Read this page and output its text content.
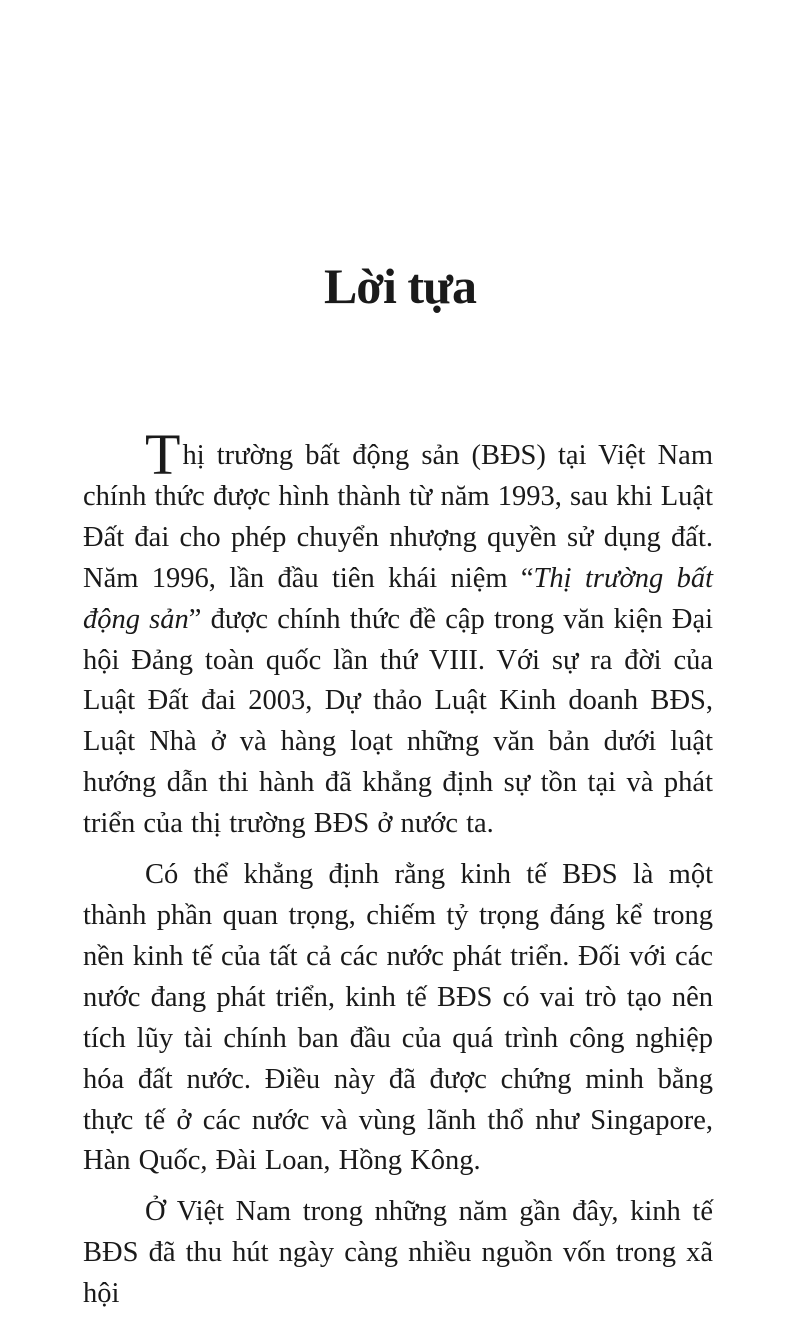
Lời tựa

Thị trường bất động sản (BĐS) tại Việt Nam chính thức được hình thành từ năm 1993, sau khi Luật Đất đai cho phép chuyển nhượng quyền sử dụng đất. Năm 1996, lần đầu tiên khái niệm “Thị trường bất động sản” được chính thức đề cập trong văn kiện Đại hội Đảng toàn quốc lần thứ VIII. Với sự ra đời của Luật Đất đai 2003, Dự thảo Luật Kinh doanh BĐS, Luật Nhà ở và hàng loạt những văn bản dưới luật hướng dẫn thi hành đã khẳng định sự tồn tại và phát triển của thị trường BĐS ở nước ta.

Có thể khẳng định rằng kinh tế BĐS là một thành phần quan trọng, chiếm tỷ trọng đáng kể trong nền kinh tế của tất cả các nước phát triển. Đối với các nước đang phát triển, kinh tế BĐS có vai trò tạo nên tích lũy tài chính ban đầu của quá trình công nghiệp hóa đất nước. Điều này đã được chứng minh bằng thực tế ở các nước và vùng lãnh thổ như Singapore, Hàn Quốc, Đài Loan, Hồng Kông.

Ở Việt Nam trong những năm gần đây, kinh tế BĐS đã thu hút ngày càng nhiều nguồn vốn trong xã hội
